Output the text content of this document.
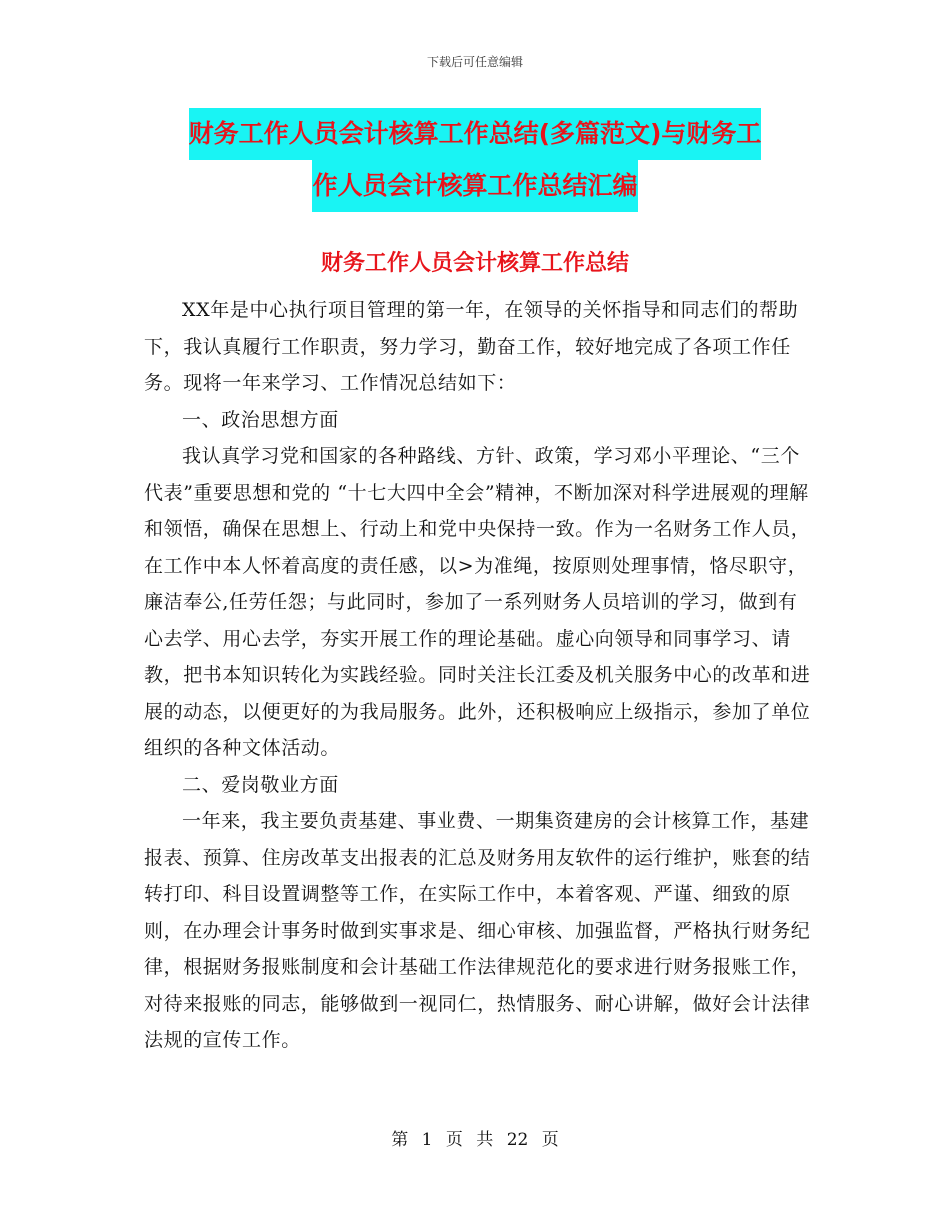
下载后可任意编辑
财务工作人员会计核算工作总结(多篇范文)与财务工
作人员会计核算工作总结汇编
财务工作人员会计核算工作总结

XX年是中心执行项目管理的第一年，在领导的关怀指导和同志们的帮助下，我认真履行工作职责，努力学习，勤奋工作，较好地完成了各项工作任务。现将一年来学习、工作情况总结如下：

一、政治思想方面

我认真学习党和国家的各种路线、方针、政策，学习邓小平理论、“三个代表”重要思想和党的 “十七大四中全会”精神，不断加深对科学进展观的理解和领悟，确保在思想上、行动上和党中央保持一致。作为一名财务工作人员，在工作中本人怀着高度的责任感，以>为准绳，按原则处理事情，恪尽职守，廉洁奉公,任劳任怨；与此同时，参加了一系列财务人员培训的学习，做到有心去学、用心去学，夯实开展工作的理论基础。虚心向领导和同事学习、请教，把书本知识转化为实践经验。同时关注长江委及机关服务中心的改革和进展的动态，以便更好的为我局服务。此外，还积极响应上级指示，参加了单位组织的各种文体活动。

二、爱岗敬业方面

一年来，我主要负责基建、事业费、一期集资建房的会计核算工作，基建报表、预算、住房改革支出报表的汇总及财务用友软件的运行维护，账套的结转打印、科目设置调整等工作，在实际工作中，本着客观、严谨、细致的原则，在办理会计事务时做到实事求是、细心审核、加强监督，严格执行财务纪律，根据财务报账制度和会计基础工作法律规范化的要求进行财务报账工作，对待来报账的同志，能够做到一视同仁，热情服务、耐心讲解，做好会计法律法规的宣传工作。

第 1 页 共 22 页
